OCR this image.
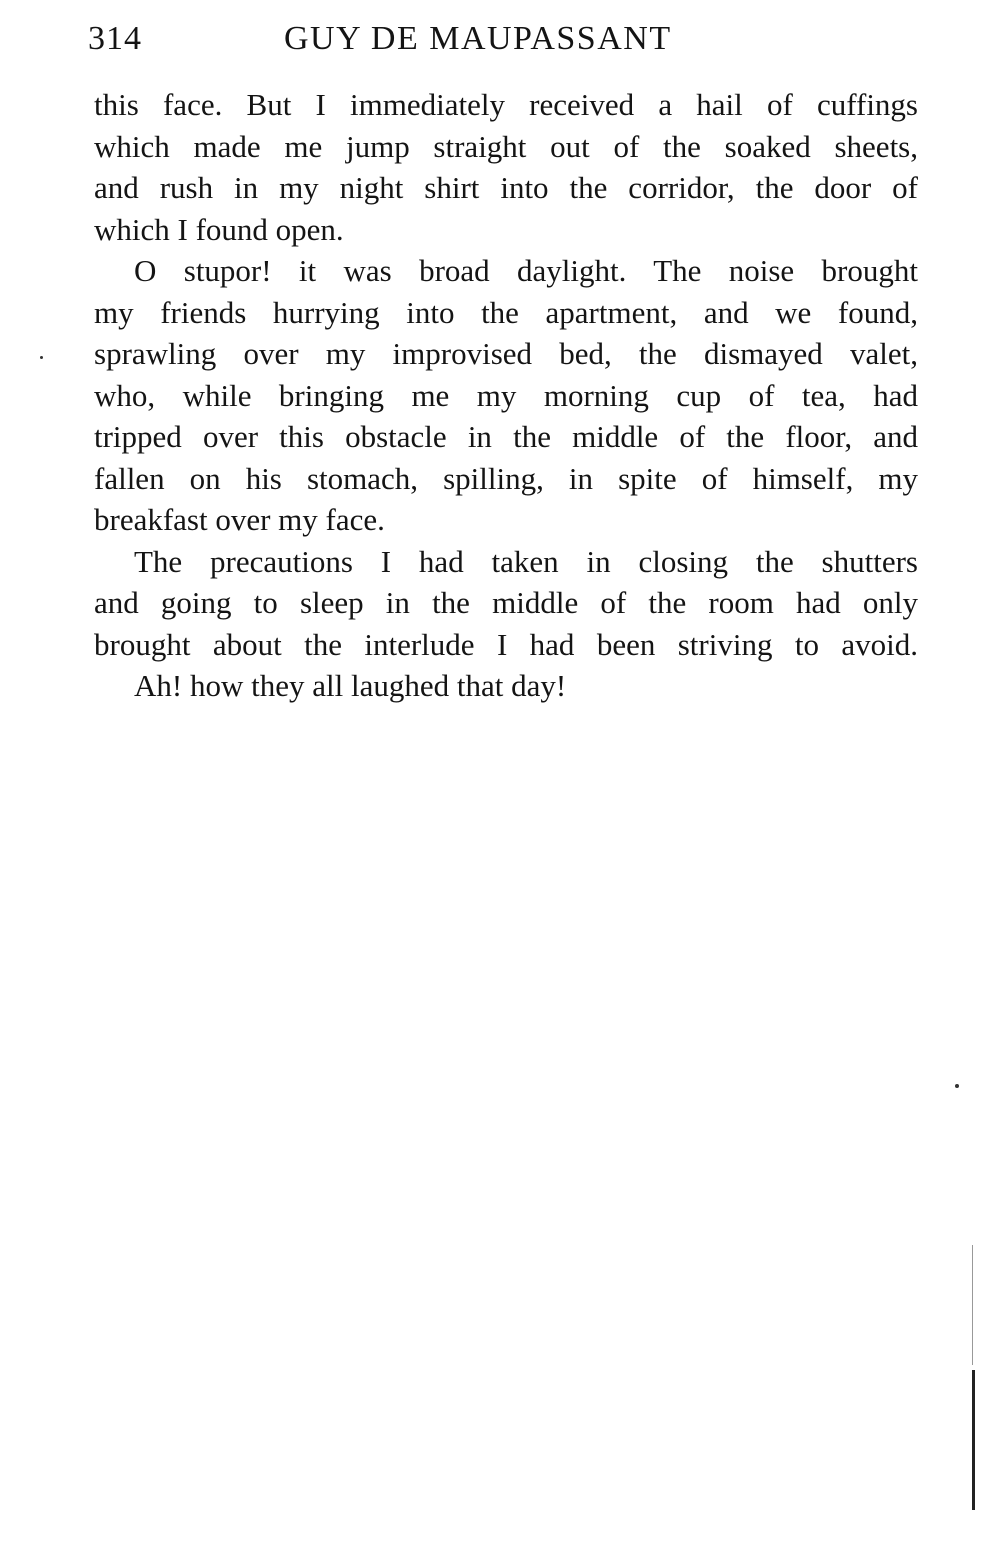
314	GUY DE MAUPASSANT
this face. But I immediately received a hail of cuffings
which made me jump straight out of the soaked sheets,
and rush in my night shirt into the corridor, the door of
which I found open.
O stupor! it was broad daylight. The noise brought
my friends hurrying into the apartment, and we found,
sprawling over my improvised bed, the dismayed valet,
who, while bringing me my morning cup of tea, had
tripped over this obstacle in the middle of the floor, and
fallen on his stomach, spilling, in spite of himself, my
breakfast over my face.
The precautions I had taken in closing the shutters
and going to sleep in the middle of the room had only
brought about the interlude I had been striving to avoid.
Ah! how they all laughed that day!
